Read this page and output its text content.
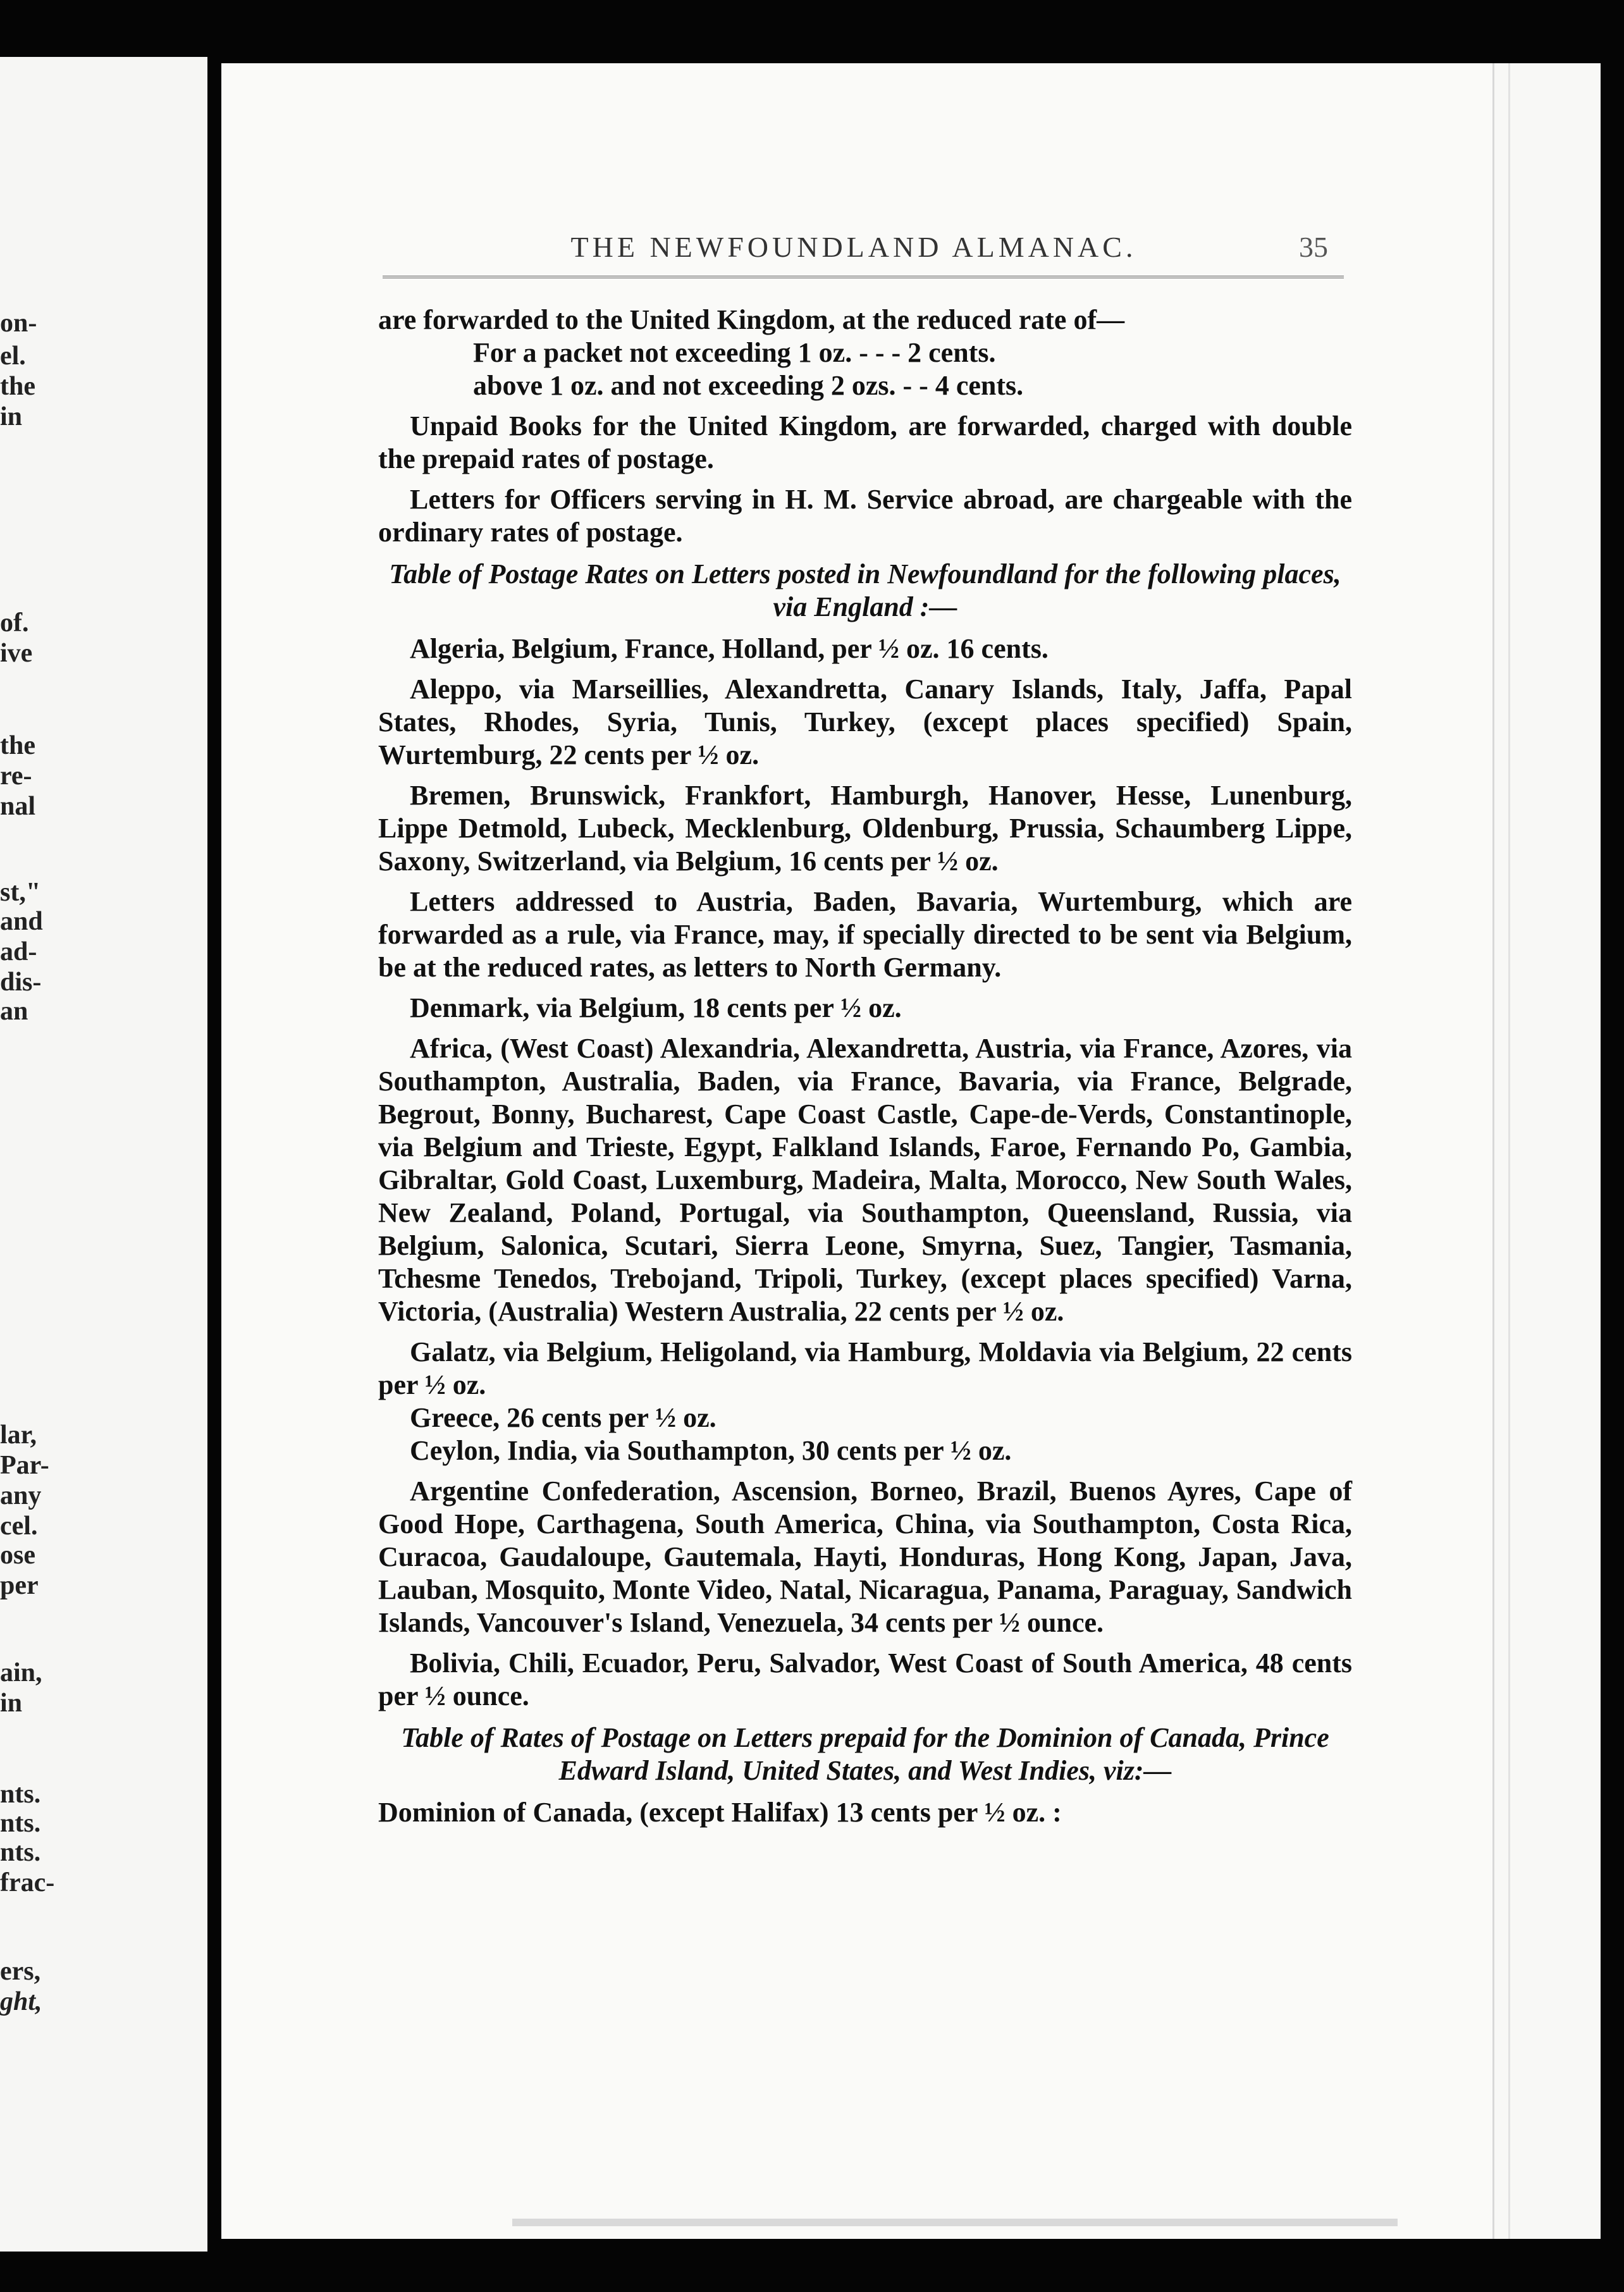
on-
el.
the
in
of.
ive
the
re-
nal
st,"
and
ad-
dis-
an
lar,
Par-
any
cel.
ose
per
ain,
in
nts.
nts.
nts.
frac-
ers,
ght,
THE NEWFOUNDLAND ALMANAC.	35

are forwarded to the United Kingdom, at the reduced rate of—

For a packet not exceeding 1 oz. - - - 2 cents.

above 1 oz. and not exceeding 2 ozs. - - 4 cents.

Unpaid Books for the United Kingdom, are forwarded, charged with double the prepaid rates of postage.

Letters for Officers serving in H. M. Service abroad, are chargeable with the ordinary rates of postage.

Table of Postage Rates on Letters posted in Newfoundland for the following places, via England :—

Algeria, Belgium, France, Holland, per ½ oz. 16 cents.

Aleppo, via Marseillies, Alexandretta, Canary Islands, Italy, Jaffa, Papal States, Rhodes, Syria, Tunis, Turkey, (except places specified) Spain, Wurtemburg, 22 cents per ½ oz.

Bremen, Brunswick, Frankfort, Hamburgh, Hanover, Hesse, Lunenburg, Lippe Detmold, Lubeck, Mecklenburg, Oldenburg, Prussia, Schaumberg Lippe, Saxony, Switzerland, via Belgium, 16 cents per ½ oz.

Letters addressed to Austria, Baden, Bavaria, Wurtemburg, which are forwarded as a rule, via France, may, if specially directed to be sent via Belgium, be at the reduced rates, as letters to North Germany.

Denmark, via Belgium, 18 cents per ½ oz.

Africa, (West Coast) Alexandria, Alexandretta, Austria, via France, Azores, via Southampton, Australia, Baden, via France, Bavaria, via France, Belgrade, Begrout, Bonny, Bucharest, Cape Coast Castle, Cape-de-Verds, Constantinople, via Belgium and Trieste, Egypt, Falkland Islands, Faroe, Fernando Po, Gambia, Gibraltar, Gold Coast, Luxemburg, Madeira, Malta, Morocco, New South Wales, New Zealand, Poland, Portugal, via Southampton, Queensland, Russia, via Belgium, Salonica, Scutari, Sierra Leone, Smyrna, Suez, Tangier, Tasmania, Tchesme Tenedos, Trebojand, Tripoli, Turkey, (except places specified) Varna, Victoria, (Australia) Western Australia, 22 cents per ½ oz.

Galatz, via Belgium, Heligoland, via Hamburg, Moldavia via Belgium, 22 cents per ½ oz.

Greece, 26 cents per ½ oz.

Ceylon, India, via Southampton, 30 cents per ½ oz.

Argentine Confederation, Ascension, Borneo, Brazil, Buenos Ayres, Cape of Good Hope, Carthagena, South America, China, via Southampton, Costa Rica, Curacoa, Gaudaloupe, Gautemala, Hayti, Honduras, Hong Kong, Japan, Java, Lauban, Mosquito, Monte Video, Natal, Nicaragua, Panama, Paraguay, Sandwich Islands, Vancouver's Island, Venezuela, 34 cents per ½ ounce.

Bolivia, Chili, Ecuador, Peru, Salvador, West Coast of South America, 48 cents per ½ ounce.

Table of Rates of Postage on Letters prepaid for the Dominion of Canada, Prince Edward Island, United States, and West Indies, viz:—

Dominion of Canada, (except Halifax) 13 cents per ½ oz. :
